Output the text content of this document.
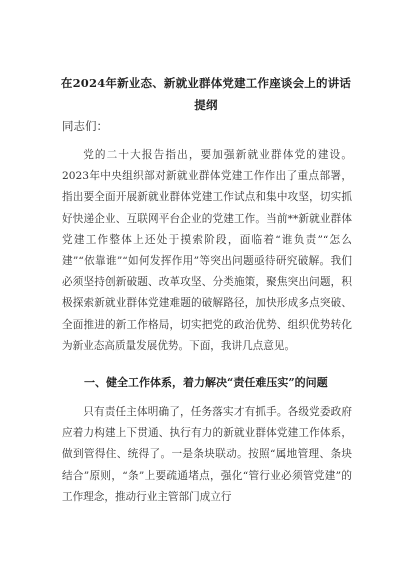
在2024年新业态、新就业群体党建工作座谈会上的讲话提纲
同志们：

党的二十大报告指出，要加强新就业群体党的建设。2023年中央组织部对新就业群体党建工作作出了重点部署，指出要全面开展新就业群体党建工作试点和集中攻坚，切实抓好快递企业、互联网平台企业的党建工作。当前**新就业群体党建工作整体上还处于摸索阶段，面临着“谁负责”“怎么建”“依靠谁”“如何发挥作用”等突出问题亟待研究破解。我们必须坚持创新破题、改革攻坚、分类施策，聚焦突出问题，积极探索新就业群体党建难题的破解路径，加快形成多点突破、全面推进的新工作格局，切实把党的政治优势、组织优势转化为新业态高质量发展优势。下面，我讲几点意见。

一、健全工作体系，着力解决“责任难压实”的问题

只有责任主体明确了，任务落实才有抓手。各级党委政府应着力构建上下贯通、执行有力的新就业群体党建工作体系，做到管得住、统得了。一是条块联动。按照“属地管理、条块结合”原则，“条”上要疏通堵点，强化“管行业必须管党建”的工作理念，推动行业主管部门成立行
